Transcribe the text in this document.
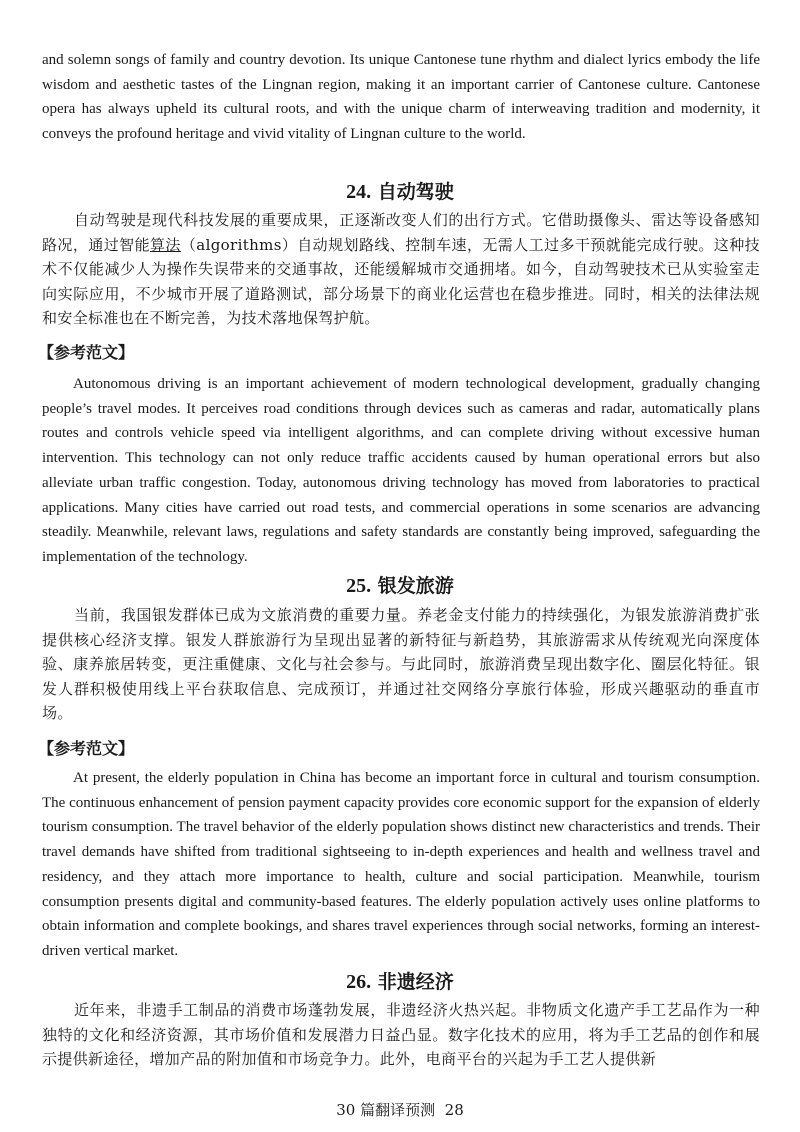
and solemn songs of family and country devotion. Its unique Cantonese tune rhythm and dialect lyrics embody the life wisdom and aesthetic tastes of the Lingnan region, making it an important carrier of Cantonese culture. Cantonese opera has always upheld its cultural roots, and with the unique charm of interweaving tradition and modernity, it conveys the profound heritage and vivid vitality of Lingnan culture to the world.

24. 自动驾驶

自动驾驶是现代科技发展的重要成果，正逐渐改变人们的出行方式。它借助摄像头、雷达等设备感知路况，通过智能算法（algorithms）自动规划路线、控制车速，无需人工过多干预就能完成行驶。这种技术不仅能减少人为操作失误带来的交通事故，还能缓解城市交通拥堵。如今，自动驾驶技术已从实验室走向实际应用，不少城市开展了道路测试，部分场景下的商业化运营也在稳步推进。同时，相关的法律法规和安全标准也在不断完善，为技术落地保驾护航。

【参考范文】

Autonomous driving is an important achievement of modern technological development, gradually changing people’s travel modes. It perceives road conditions through devices such as cameras and radar, automatically plans routes and controls vehicle speed via intelligent algorithms, and can complete driving without excessive human intervention. This technology can not only reduce traffic accidents caused by human operational errors but also alleviate urban traffic congestion. Today, autonomous driving technology has moved from laboratories to practical applications. Many cities have carried out road tests, and commercial operations in some scenarios are advancing steadily. Meanwhile, relevant laws, regulations and safety standards are constantly being improved, safeguarding the implementation of the technology.

25. 银发旅游

当前，我国银发群体已成为文旅消费的重要力量。养老金支付能力的持续强化，为银发旅游消费扩张提供核心经济支撑。银发人群旅游行为呈现出显著的新特征与新趋势，其旅游需求从传统观光向深度体验、康养旅居转变，更注重健康、文化与社会参与。与此同时，旅游消费呈现出数字化、圈层化特征。银发人群积极使用线上平台获取信息、完成预订，并通过社交网络分享旅行体验，形成兴趣驱动的垂直市场。

【参考范文】

At present, the elderly population in China has become an important force in cultural and tourism consumption. The continuous enhancement of pension payment capacity provides core economic support for the expansion of elderly tourism consumption. The travel behavior of the elderly population shows distinct new characteristics and trends. Their travel demands have shifted from traditional sightseeing to in-depth experiences and health and wellness travel and residency, and they attach more importance to health, culture and social participation. Meanwhile, tourism consumption presents digital and community-based features. The elderly population actively uses online platforms to obtain information and complete bookings, and shares travel experiences through social networks, forming an interest-driven vertical market.

26. 非遗经济

近年来，非遗手工制品的消费市场蓬勃发展，非遗经济火热兴起。非物质文化遗产手工艺品作为一种独特的文化和经济资源，其市场价值和发展潜力日益凸显。数字化技术的应用，将为手工艺品的创作和展示提供新途径，增加产品的附加值和市场竞争力。此外，电商平台的兴起为手工艺人提供新

30 篇翻译预测 28
